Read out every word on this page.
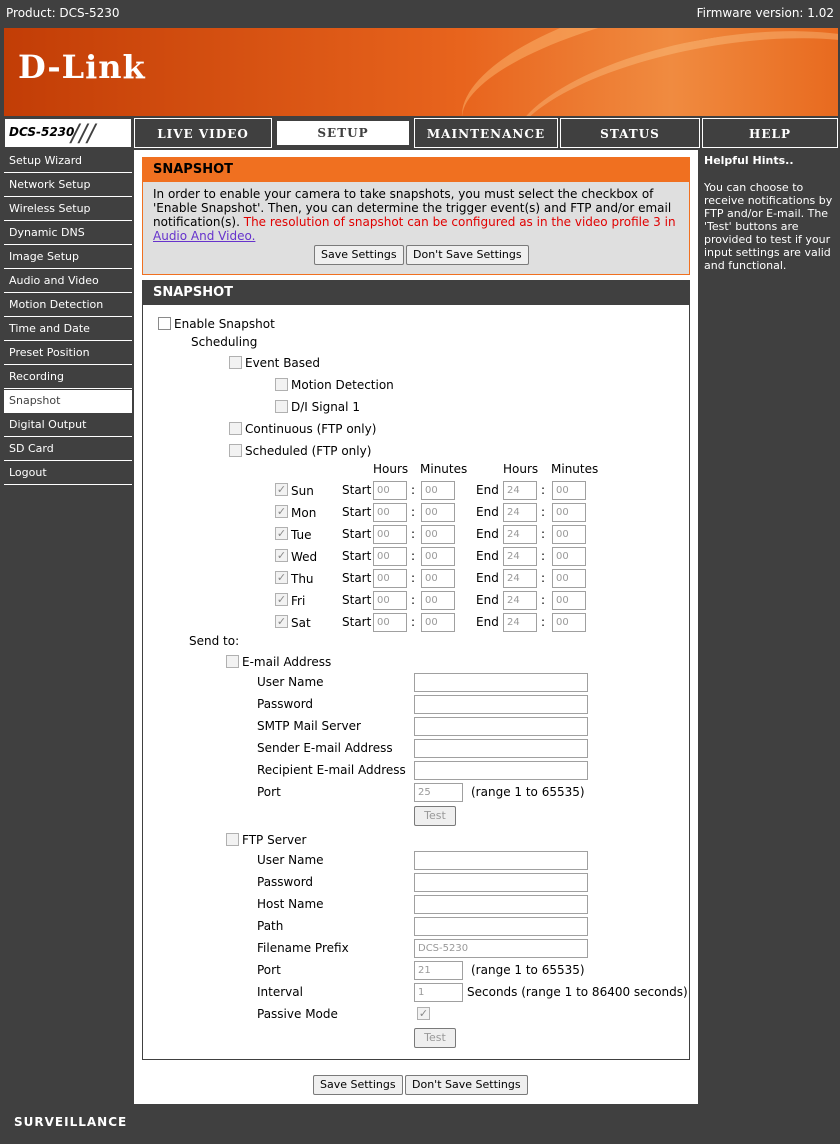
Product: DCS-5230	Firmware version: 1.02
D-Link
DCS-5230
///	LIVE VIDEO	SETUP	MAINTENANCE	STATUS	HELP
Setup Wizard
Network Setup
Wireless Setup
Dynamic DNS
Image Setup
Audio and Video
Motion Detection
Time and Date
Preset Position
Recording
Snapshot
Digital Output
SD Card
Logout
SNAPSHOT
In order to enable your camera to take snapshots, you must select the checkbox of 'Enable Snapshot'. Then, you can determine the trigger event(s) and FTP and/or email notification(s). The resolution of snapshot can be configured as in the video profile 3 in Audio And Video.
Save Settings	Don't Save Settings
SNAPSHOT
Enable Snapshot
Scheduling
Event Based
Motion Detection
D/I Signal 1
Continuous (FTP only)
Scheduled (FTP only)
Hours Minutes	Hours Minutes
✓ Sun Start 00	: 00	End 24	:	00
✓ Mon Start 00	: 00	End 24	:	00
✓ Tue	Start 00	: 00	End 24	:	00
✓ Wed Start 00	: 00	End 24	:	00
✓ Thu Start 00	: 00	End 24	:	00
✓ Fri	Start 00	: 00	End 24	:	00
✓ Sat	Start 00	: 00	End 24	:	00
Send to:
E-mail Address
User Name
Password
SMTP Mail Server
Sender E-mail Address
Recipient E-mail Address
Port	25	(range 1 to 65535)
Test
FTP Server
User Name
Password
Host Name
Path
Filename Prefix	DCS-5230
Port	21	(range 1 to 65535)
Interval	1	Seconds (range 1 to 86400 seconds)
Passive Mode	✓
Test
Save Settings	Don't Save Settings
Helpful Hints..
You can choose to receive notifications by FTP and/or E-mail. The 'Test' buttons are provided to test if your input settings are valid and functional.
SURVEILLANCE
